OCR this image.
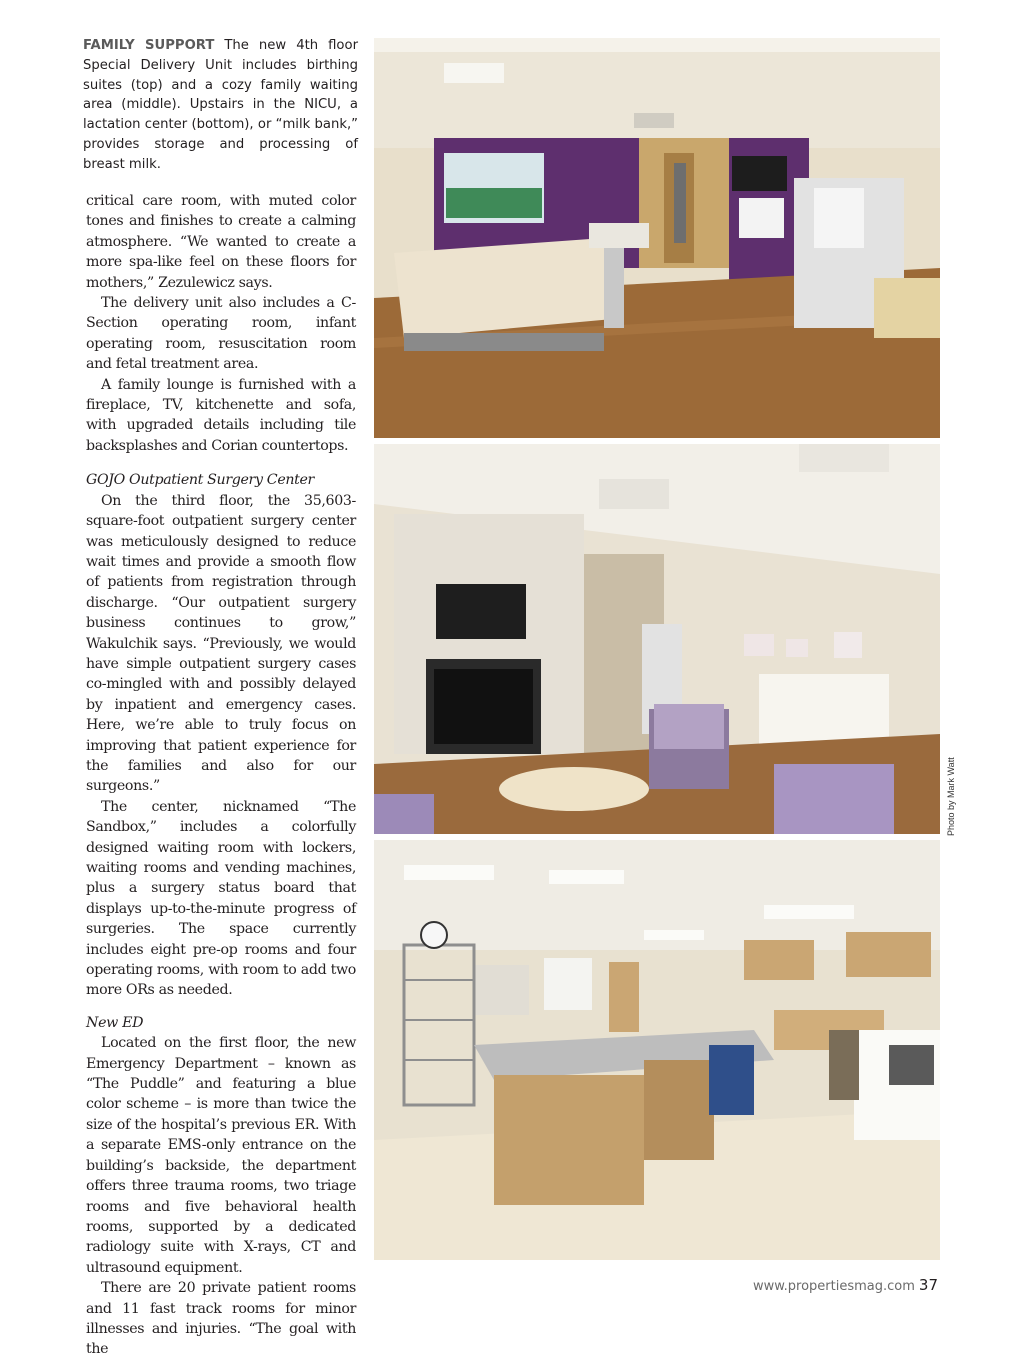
FAMILY SUPPORT The new 4th floor Special Delivery Unit includes birthing suites (top) and a cozy family waiting area (middle). Upstairs in the NICU, a lactation center (bottom), or “milk bank,” provides storage and processing of breast milk.

critical care room, with muted color tones and finishes to create a calming atmosphere. “We wanted to create a more spa-like feel on these floors for mothers,” Zezulewicz says.

The delivery unit also includes a C-Section operating room, infant operating room, resuscitation room and fetal treatment area.

A family lounge is furnished with a fireplace, TV, kitchenette and sofa, with upgraded details including tile backsplashes and Corian countertops.

GOJO Outpatient Surgery Center

On the third floor, the 35,603-square-foot outpatient surgery center was meticulously designed to reduce wait times and provide a smooth flow of patients from registration through discharge. “Our outpatient surgery business continues to grow,” Wakulchik says. “Previously, we would have simple outpatient surgery cases co-mingled with and possibly delayed by inpatient and emergency cases. Here, we’re able to truly focus on improving that patient experience for the families and also for our surgeons.”

The center, nicknamed “The Sandbox,” includes a colorfully designed waiting room with lockers, waiting rooms and vending machines, plus a surgery status board that displays up-to-the-minute progress of surgeries. The space currently includes eight pre-op rooms and four operating rooms, with room to add two more ORs as needed.

New ED

Located on the first floor, the new Emergency Department – known as “The Puddle” and featuring a blue color scheme – is more than twice the size of the hospital’s previous ER. With a separate EMS-only entrance on the building’s backside, the department offers three trauma rooms, two triage rooms and five behavioral health rooms, supported by a dedicated radiology suite with X-rays, CT and ultrasound equipment.

There are 20 private patient rooms and 11 fast track rooms for minor illnesses and injuries. “The goal with the

Photo by Mark Watt
www.propertiesmag.com 37
